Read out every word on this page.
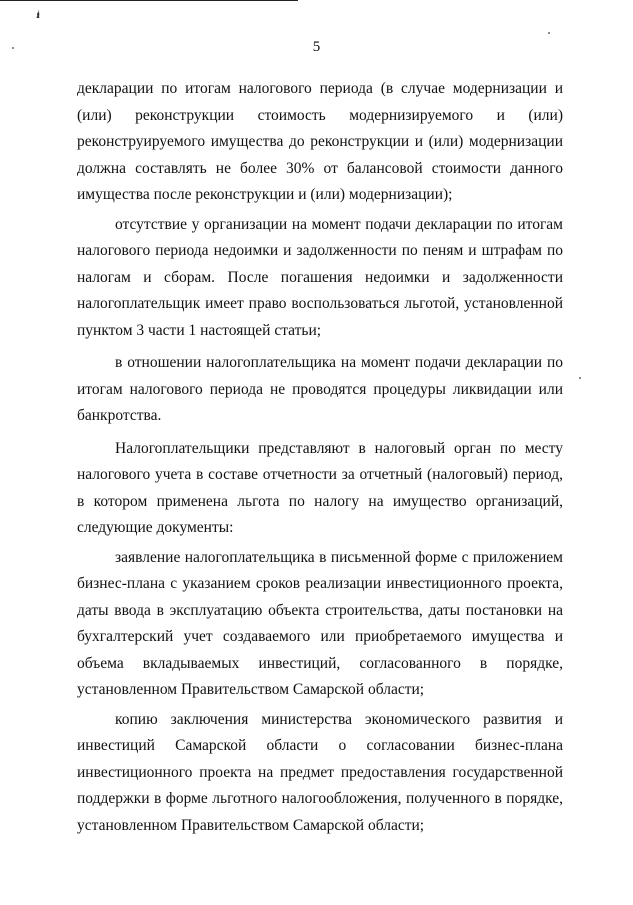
🖠
5

декларации по итогам налогового периода (в случае модернизации и (или) реконструкции стоимость модернизируемого и (или) реконструируемого имущества до реконструкции и (или) модернизации должна составлять не более 30% от балансовой стоимости данного имущества после реконструкции и (или) модернизации);

отсутствие у организации на момент подачи декларации по итогам налогового периода недоимки и задолженности по пеням и штрафам по налогам и сборам. После погашения недоимки и задолженности налогоплательщик имеет право воспользоваться льготой, установленной пунктом 3 части 1 настоящей статьи;

в отношении налогоплательщика на момент подачи декларации по итогам налогового периода не проводятся процедуры ликвидации или банкротства.

Налогоплательщики представляют в налоговый орган по месту налогового учета в составе отчетности за отчетный (налоговый) период, в котором применена льгота по налогу на имущество организаций, следующие документы:

заявление налогоплательщика в письменной форме с приложением бизнес-плана с указанием сроков реализации инвестиционного проекта, даты ввода в эксплуатацию объекта строительства, даты постановки на бухгалтерский учет создаваемого или приобретаемого имущества и объема вкладываемых инвестиций, согласованного в порядке, установленном Правительством Самарской области;

копию заключения министерства экономического развития и инвестиций Самарской области о согласовании бизнес-плана инвестиционного проекта на предмет предоставления государственной поддержки в форме льготного налогообложения, полученного в порядке, установленном Правительством Самарской области;
